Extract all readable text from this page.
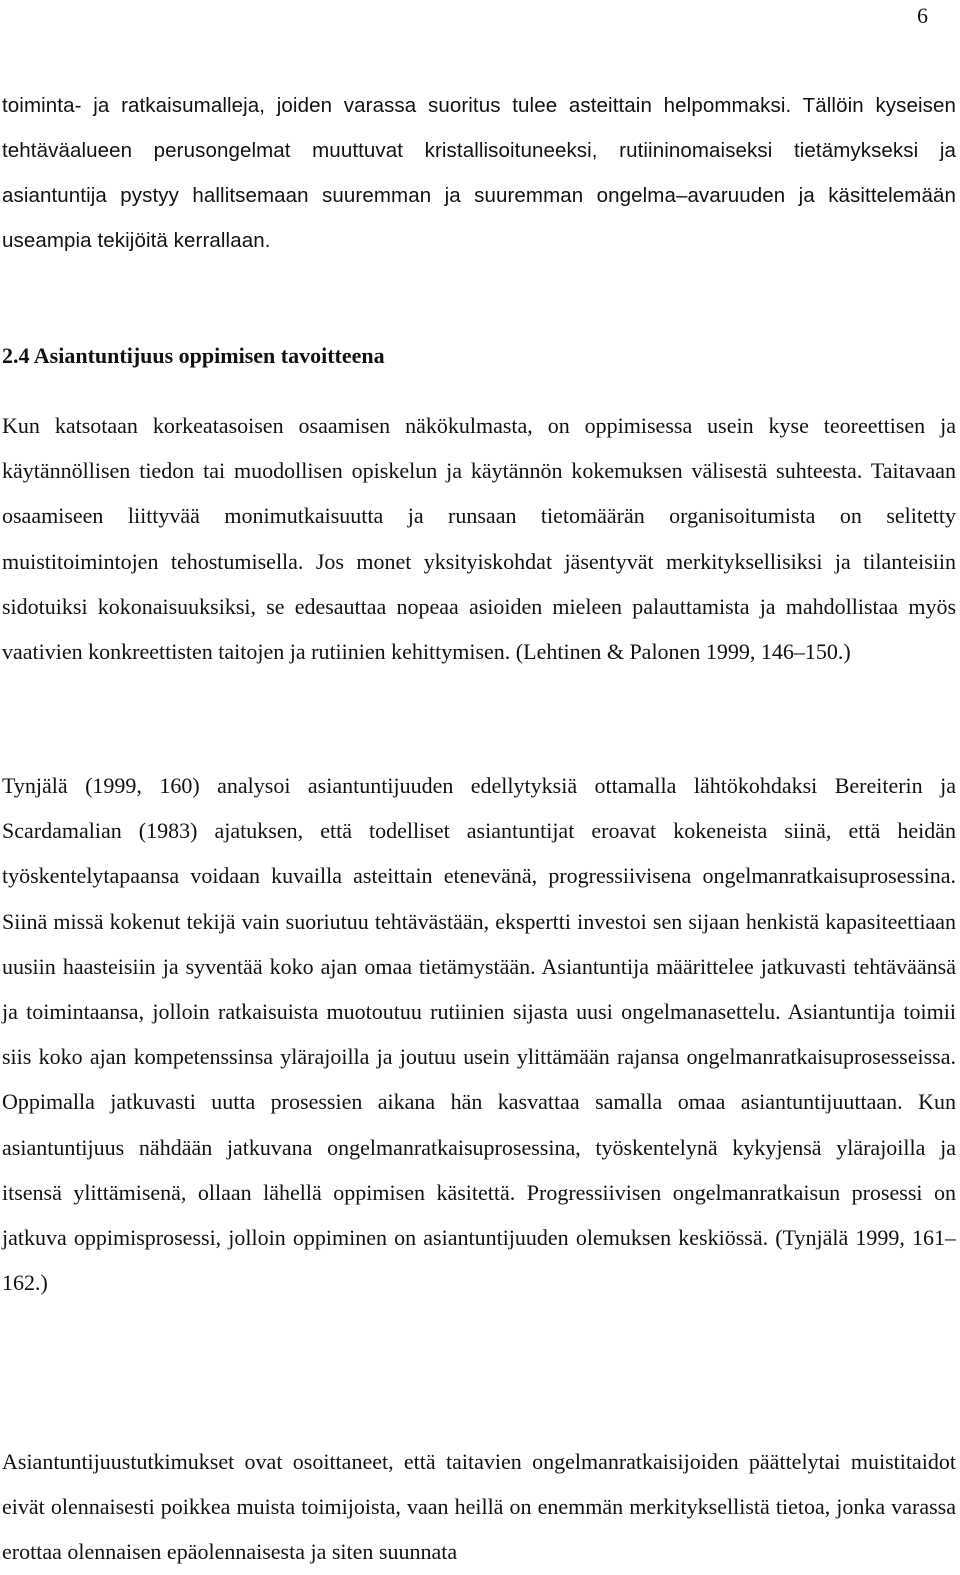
6

toiminta- ja ratkaisumalleja, joiden varassa suoritus tulee asteittain helpommaksi. Tällöin kyseisen tehtäväalueen perusongelmat muuttuvat kristallisoituneeksi, rutiininomaiseksi tietämykseksi ja asiantuntija pystyy hallitsemaan suuremman ja suuremman ongelma–avaruuden ja käsittelemään useampia tekijöitä kerrallaan.

2.4 Asiantuntijuus oppimisen tavoitteena

Kun katsotaan korkeatasoisen osaamisen näkökulmasta, on oppimisessa usein kyse teoreettisen ja käytännöllisen tiedon tai muodollisen opiskelun ja käytännön kokemuksen välisestä suhteesta. Taitavaan osaamiseen liittyvää monimutkaisuutta ja runsaan tietomäärän organisoitumista on selitetty muistitoimintojen tehostumisella. Jos monet yksityiskohdat jäsentyvät merkityksellisiksi ja tilanteisiin sidotuiksi kokonaisuuksiksi, se edesauttaa nopeaa asioiden mieleen palauttamista ja mahdollistaa myös vaativien konkreettisten taitojen ja rutiinien kehittymisen. (Lehtinen & Palonen 1999, 146–150.)

Tynjälä (1999, 160) analysoi asiantuntijuuden edellytyksiä ottamalla lähtökohdaksi Bereiterin ja Scardamalian (1983) ajatuksen, että todelliset asiantuntijat eroavat kokeneista siinä, että heidän työskentelytapaansa voidaan kuvailla asteittain etenevänä, progressiivisena ongelmanratkaisuprosessina. Siinä missä kokenut tekijä vain suoriutuu tehtävästään, ekspertti investoi sen sijaan henkistä kapasiteettiaan uusiin haasteisiin ja syventää koko ajan omaa tietämystään. Asiantuntija määrittelee jatkuvasti tehtäväänsä ja toimintaansa, jolloin ratkaisuista muotoutuu rutiinien sijasta uusi ongelmanasettelu. Asiantuntija toimii siis koko ajan kompetenssinsa ylärajoilla ja joutuu usein ylittämään rajansa ongelmanratkaisuprosesseissa. Oppimalla jatkuvasti uutta prosessien aikana hän kasvattaa samalla omaa asiantuntijuuttaan. Kun asiantuntijuus nähdään jatkuvana ongelmanratkaisuprosessina, työskentelynä kykyjensä ylärajoilla ja itsensä ylittämisenä, ollaan lähellä oppimisen käsitettä. Progressiivisen ongelmanratkaisun prosessi on jatkuva oppimisprosessi, jolloin oppiminen on asiantuntijuuden olemuksen keskiössä. (Tynjälä 1999, 161–162.)

Asiantuntijuustutkimukset ovat osoittaneet, että taitavien ongelmanratkaisijoiden päättelytai muistitaidot eivät olennaisesti poikkea muista toimijoista, vaan heillä on enemmän merkityksellistä tietoa, jonka varassa erottaa olennaisen epäolennaisesta ja siten suunnata
